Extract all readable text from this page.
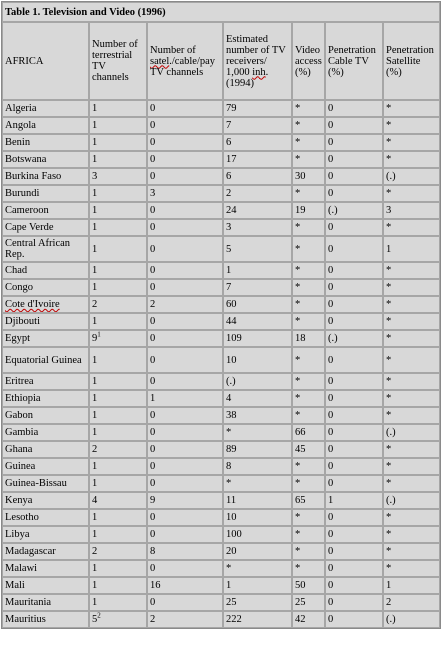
Table 1. Television and Video (1996)						
AFRICA	Number of terrestrial TV channels	Number of satel./cable/pay TV channels	Estimated number of TV receivers/ 1,000 inh. (1994)	Video access (%)	Penetration Cable TV (%)	Penetration Satellite (%)
Algeria	1	0	79	*	0	*
Angola	1	0	7	*	0	*
Benin	1	0	6	*	0	*
Botswana	1	0	17	*	0	*
Burkina Faso	3	0	6	30	0	(.)
Burundi	1	3	2	*	0	*
Cameroon	1	0	24	19	(.)	3
Cape Verde	1	0	3	*	0	*
Central African Rep.	1	0	5	*	0	1
Chad	1	0	1	*	0	*
Congo	1	0	7	*	0	*
Cote d'Ivoire	2	2	60	*	0	*
Djibouti	1	0	44	*	0	*
Egypt	$9^1$	0	109	18	(.)	*
Equatorial Guinea	1	0	10	*	0	*
Eritrea	1	0	(.)	*	0	*
Ethiopia	1	1	4	*	0	*
Gabon	1	0	38	*	0	*
Gambia	1	0	*	66	0	(.)
Ghana	2	0	89	45	0	*
Guinea	1	0	8	*	0	*
Guinea-Bissau	1	0	*	*	0	*
Kenya	4	9	11	65	1	(.)
Lesotho	1	0	10	*	0	*
Libya	1	0	100	*	0	*
Madagascar	2	8	20	*	0	*
Malawi	1	0	*	*	0	*
Mali	1	16	1	50	0	1
Mauritania	1	0	25	25	0	2
Mauritius	$5^2$	2	222	42	0	(.)
